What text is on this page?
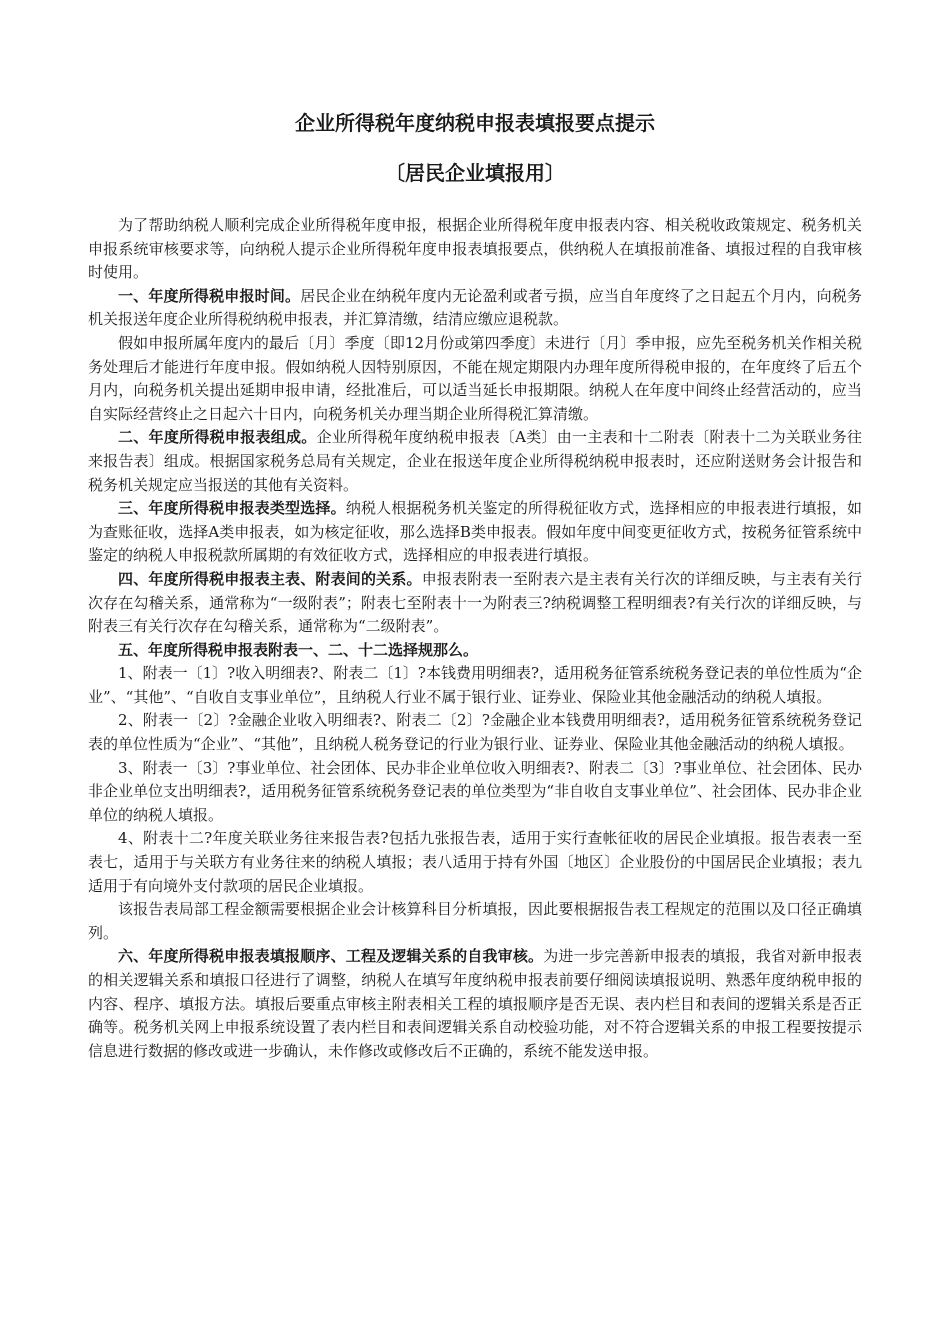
企业所得税年度纳税申报表填报要点提示
〔居民企业填报用〕

为了帮助纳税人顺利完成企业所得税年度申报，根据企业所得税年度申报表内容、相关税收政策规定、税务机关申报系统审核要求等，向纳税人提示企业所得税年度申报表填报要点，供纳税人在填报前准备、填报过程的自我审核时使用。

一、年度所得税申报时间。居民企业在纳税年度内无论盈利或者亏损，应当自年度终了之日起五个月内，向税务机关报送年度企业所得税纳税申报表，并汇算清缴，结清应缴应退税款。

假如申报所属年度内的最后〔月〕季度〔即12月份或第四季度〕未进行〔月〕季申报，应先至税务机关作相关税务处理后才能进行年度申报。假如纳税人因特别原因，不能在规定期限内办理年度所得税申报的，在年度终了后五个月内，向税务机关提出延期申报申请，经批准后，可以适当延长申报期限。纳税人在年度中间终止经营活动的，应当自实际经营终止之日起六十日内，向税务机关办理当期企业所得税汇算清缴。

二、年度所得税申报表组成。企业所得税年度纳税申报表〔A类〕由一主表和十二附表〔附表十二为关联业务往来报告表〕组成。根据国家税务总局有关规定，企业在报送年度企业所得税纳税申报表时，还应附送财务会计报告和税务机关规定应当报送的其他有关资料。

三、年度所得税申报表类型选择。纳税人根据税务机关鉴定的所得税征收方式，选择相应的申报表进行填报，如为查账征收，选择A类申报表，如为核定征收，那么选择B类申报表。假如年度中间变更征收方式，按税务征管系统中鉴定的纳税人申报税款所属期的有效征收方式，选择相应的申报表进行填报。

四、年度所得税申报表主表、附表间的关系。申报表附表一至附表六是主表有关行次的详细反映，与主表有关行次存在勾稽关系，通常称为“一级附表”；附表七至附表十一为附表三?纳税调整工程明细表?有关行次的详细反映，与附表三有关行次存在勾稽关系，通常称为“二级附表”。

五、年度所得税申报表附表一、二、十二选择规那么。

1、附表一〔1〕?收入明细表?、附表二〔1〕?本钱费用明细表?，适用税务征管系统税务登记表的单位性质为“企业”、“其他”、“自收自支事业单位”，且纳税人行业不属于银行业、证券业、保险业其他金融活动的纳税人填报。

2、附表一〔2〕?金融企业收入明细表?、附表二〔2〕?金融企业本钱费用明细表?，适用税务征管系统税务登记表的单位性质为“企业”、“其他”，且纳税人税务登记的行业为银行业、证券业、保险业其他金融活动的纳税人填报。

3、附表一〔3〕?事业单位、社会团体、民办非企业单位收入明细表?、附表二〔3〕?事业单位、社会团体、民办非企业单位支出明细表?，适用税务征管系统税务登记表的单位类型为“非自收自支事业单位”、社会团体、民办非企业单位的纳税人填报。

4、附表十二?年度关联业务往来报告表?包括九张报告表，适用于实行查帐征收的居民企业填报。报告表表一至表七，适用于与关联方有业务往来的纳税人填报；表八适用于持有外国〔地区〕企业股份的中国居民企业填报；表九适用于有向境外支付款项的居民企业填报。

该报告表局部工程金额需要根据企业会计核算科目分析填报，因此要根据报告表工程规定的范围以及口径正确填列。

六、年度所得税申报表填报顺序、工程及逻辑关系的自我审核。为进一步完善新申报表的填报，我省对新申报表的相关逻辑关系和填报口径进行了调整，纳税人在填写年度纳税申报表前要仔细阅读填报说明、熟悉年度纳税申报的内容、程序、填报方法。填报后要重点审核主附表相关工程的填报顺序是否无误、表内栏目和表间的逻辑关系是否正确等。税务机关网上申报系统设置了表内栏目和表间逻辑关系自动校验功能，对不符合逻辑关系的申报工程要按提示信息进行数据的修改或进一步确认，未作修改或修改后不正确的，系统不能发送申报。
